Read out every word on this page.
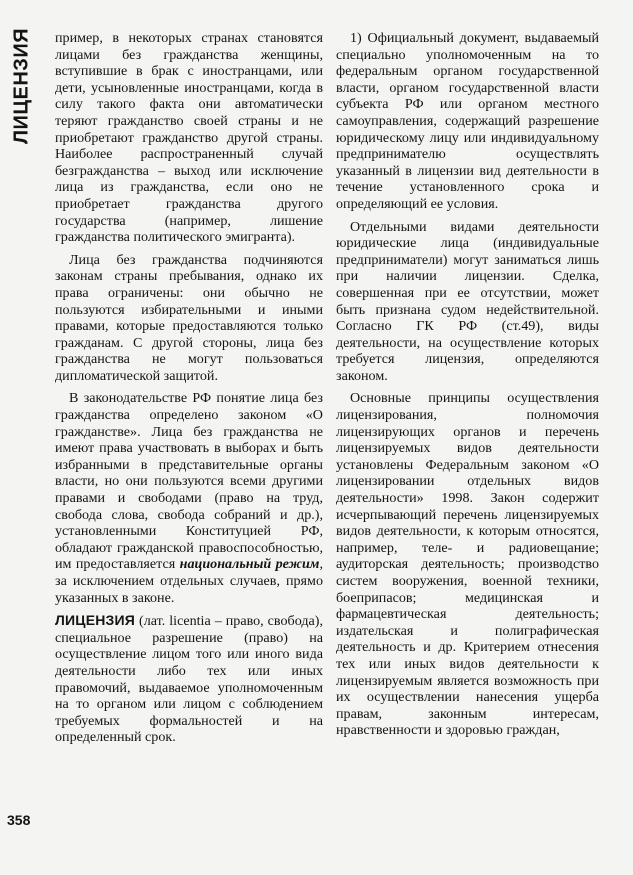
ЛИЦЕНЗИЯ
358

пример, в некоторых странах становятся лицами без гражданства женщины, вступившие в брак с иностранцами, или дети, усыновленные иностранцами, когда в силу такого факта они автоматически теряют гражданство своей страны и не приобретают гражданство другой страны. Наиболее распространенный случай безгражданства – выход или исключение лица из гражданства, если оно не приобретает гражданства другого государства (например, лишение гражданства политического эмигранта).

Лица без гражданства подчиняются законам страны пребывания, однако их права ограничены: они обычно не пользуются избирательными и иными правами, которые предоставляются только гражданам. С другой стороны, лица без гражданства не могут пользоваться дипломатической защитой.

В законодательстве РФ понятие лица без гражданства определено законом «О гражданстве». Лица без гражданства не имеют права участвовать в выборах и быть избранными в представительные органы власти, но они пользуются всеми другими правами и свободами (право на труд, свобода слова, свобода собраний и др.), установленными Конституцией РФ, обладают гражданской правоспособностью, им предоставляется национальный режим, за исключением отдельных случаев, прямо указанных в законе.

ЛИЦЕНЗИЯ (лат. licentia – право, свобода), специальное разрешение (право) на осуществление лицом того или иного вида деятельности либо тех или иных правомочий, выдаваемое уполномоченным на то органом или лицом с соблюдением требуемых формальностей и на определенный срок.

1) Официальный документ, выдаваемый специально уполномоченным на то федеральным органом государственной власти, органом государственной власти субъекта РФ или органом местного самоуправления, содержащий разрешение юридическому лицу или индивидуальному предпринимателю осуществлять указанный в лицензии вид деятельности в течение установленного срока и определяющий ее условия.

Отдельными видами деятельности юридические лица (индивидуальные предприниматели) могут заниматься лишь при наличии лицензии. Сделка, совершенная при ее отсутствии, может быть признана судом недействительной. Согласно ГК РФ (ст.49), виды деятельности, на осуществление которых требуется лицензия, определяются законом.

Основные принципы осуществления лицензирования, полномочия лицензирующих органов и перечень лицензируемых видов деятельности установлены Федеральным законом «О лицензировании отдельных видов деятельности» 1998. Закон содержит исчерпывающий перечень лицензируемых видов деятельности, к которым относятся, например, теле- и радиовещание; аудиторская деятельность; производство систем вооружения, военной техники, боеприпасов; медицинская и фармацевтическая деятельность; издательская и полиграфическая деятельность и др. Критерием отнесения тех или иных видов деятельности к лицензируемым является возможность при их осуществлении нанесения ущерба правам, законным интересам, нравственности и здоровью граждан,
